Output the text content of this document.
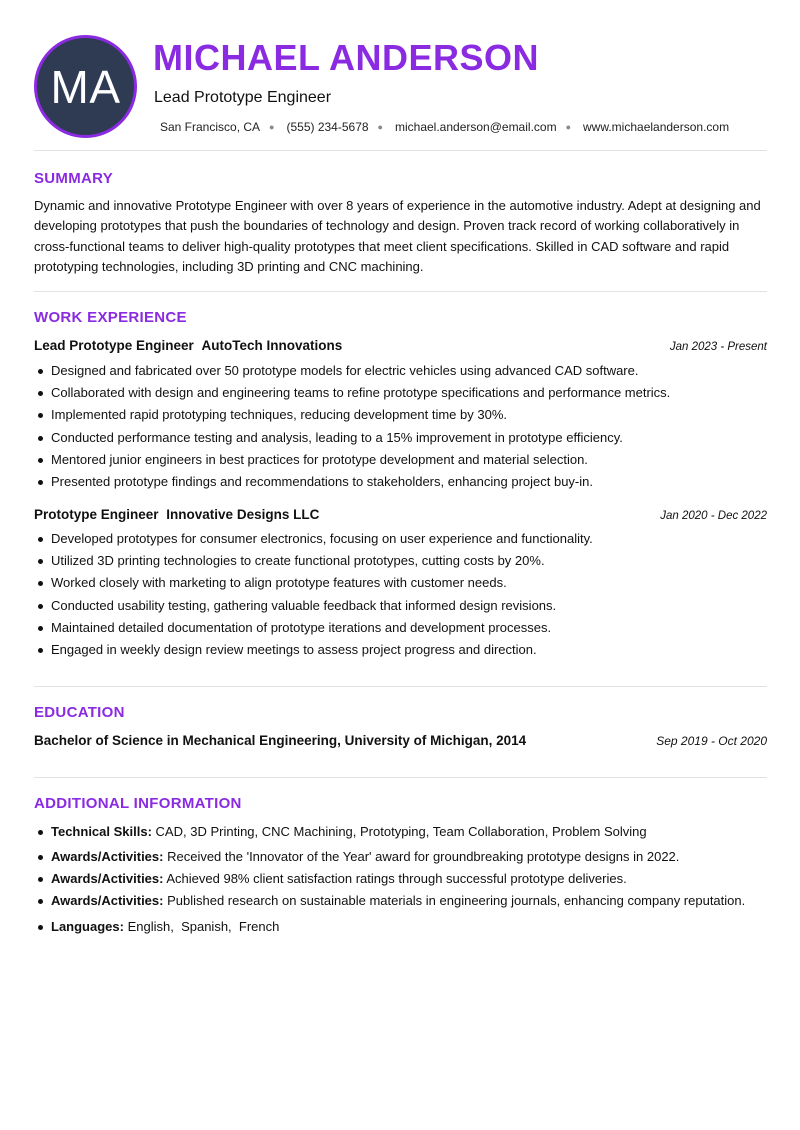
MA
MICHAEL ANDERSON
Lead Prototype Engineer
San Francisco, CA ● (555) 234-5678 ● michael.anderson@email.com ● www.michaelanderson.com
SUMMARY

Dynamic and innovative Prototype Engineer with over 8 years of experience in the automotive industry. Adept at designing and developing prototypes that push the boundaries of technology and design. Proven track record of working collaboratively in cross-functional teams to deliver high-quality prototypes that meet client specifications. Skilled in CAD software and rapid prototyping technologies, including 3D printing and CNC machining.

WORK EXPERIENCE
Lead Prototype Engineer AutoTech Innovations	Jan 2023 - Present
Designed and fabricated over 50 prototype models for electric vehicles using advanced CAD software.
Collaborated with design and engineering teams to refine prototype specifications and performance metrics.
Implemented rapid prototyping techniques, reducing development time by 30%.
Conducted performance testing and analysis, leading to a 15% improvement in prototype efficiency.
Mentored junior engineers in best practices for prototype development and material selection.
Presented prototype findings and recommendations to stakeholders, enhancing project buy-in.
Prototype Engineer Innovative Designs LLC	Jan 2020 - Dec 2022
Developed prototypes for consumer electronics, focusing on user experience and functionality.
Utilized 3D printing technologies to create functional prototypes, cutting costs by 20%.
Worked closely with marketing to align prototype features with customer needs.
Conducted usability testing, gathering valuable feedback that informed design revisions.
Maintained detailed documentation of prototype iterations and development processes.
Engaged in weekly design review meetings to assess project progress and direction.
EDUCATION
Bachelor of Science in Mechanical Engineering, University of Michigan, 2014	Sep 2019 - Oct 2020
ADDITIONAL INFORMATION
Technical Skills: CAD, 3D Printing, CNC Machining, Prototyping, Team Collaboration, Problem Solving
Awards/Activities: Received the 'Innovator of the Year' award for groundbreaking prototype designs in 2022.
Awards/Activities: Achieved 98% client satisfaction ratings through successful prototype deliveries.
Awards/Activities: Published research on sustainable materials in engineering journals, enhancing company reputation.
Languages: English,  Spanish,  French
